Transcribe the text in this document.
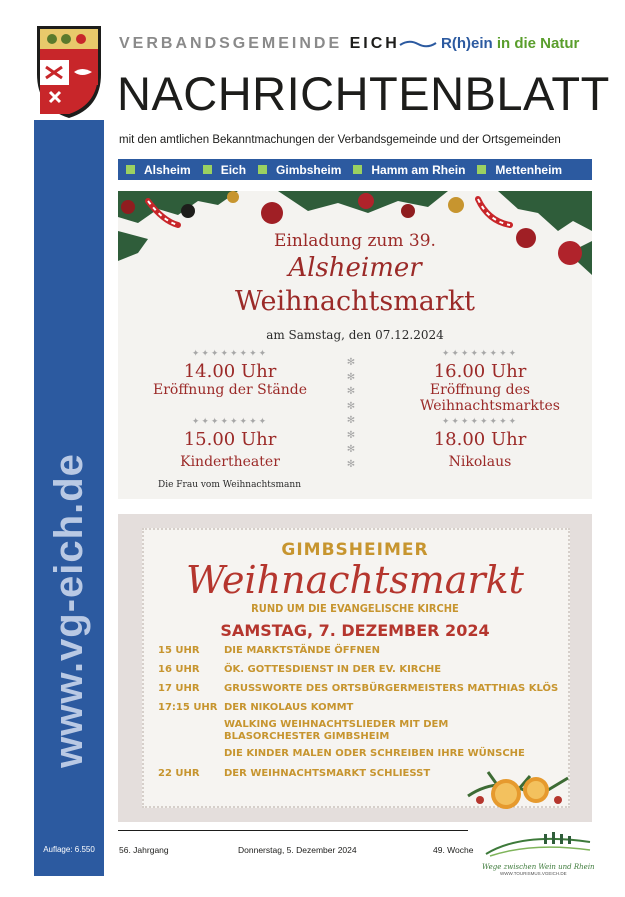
www.vg-eich.de
Auflage: 6.550
VERBANDSGEMEINDE EICH	R(h)ein in die Natur
NACHRICHTENBLATT
mit den amtlichen Bekanntmachungen der Verbandsgemeinde und der Ortsgemeinden
Alsheim	Eich	Gimbsheim	Hamm am Rhein	Mettenheim
Einladung zum 39.
Alsheimer
Weihnachtsmarkt
am Samstag, den 07.12.2024
✦✦✦✦✦✦✦✦
14.00 Uhr
Eröffnung der Stände
✦✦✦✦✦✦✦✦
16.00 Uhr
Eröffnung des Weihnachtsmarktes
✦✦✦✦✦✦✦✦
15.00 Uhr
Kindertheater
✦✦✦✦✦✦✦✦
18.00 Uhr
Nikolaus
✻
✻
✻
✻
✻
✻
✻
✻
Die Frau vom Weihnachtsmann
GIMBSHEIMER
Weihnachtsmarkt
RUND UM DIE EVANGELISCHE KIRCHE
SAMSTAG, 7. DEZEMBER 2024
15 UHR DIE MARKTSTÄNDE ÖFFNEN
16 UHR ÖK. GOTTESDIENST IN DER EV. KIRCHE
17 UHR GRUSSWORTE DES ORTSBÜRGERMEISTERS MATTHIAS KLÖS
17:15 UHR DER NIKOLAUS KOMMT
WALKING WEIHNACHTSLIEDER MIT DEM
BLASORCHESTER GIMBSHEIM
DIE KINDER MALEN ODER SCHREIBEN IHRE WÜNSCHE
22 UHR DER WEIHNACHTSMARKT SCHLIESST
56. Jahrgang	Donnerstag, 5. Dezember 2024	49. Woche
Wege zwischen Wein und Rhein
WWW.TOURISMUS.VGEICH.DE
